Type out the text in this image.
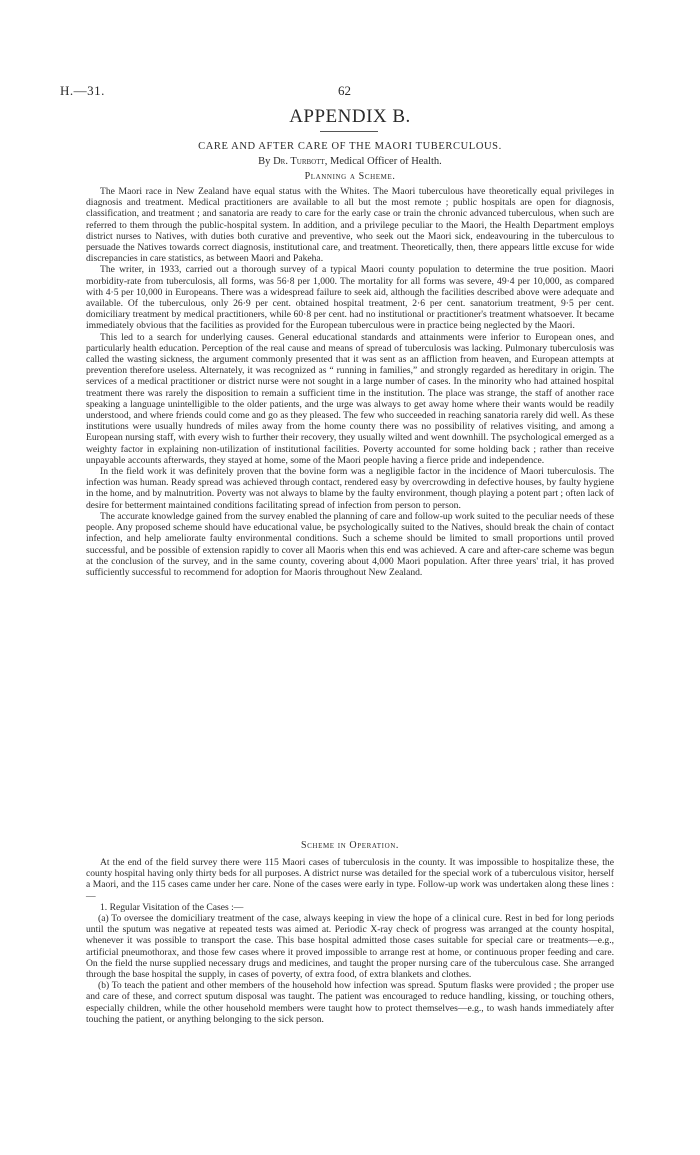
H.—31.	62
APPENDIX B.
CARE AND AFTER CARE OF THE MAORI TUBERCULOUS.
By Dr. Turbott, Medical Officer of Health.
Planning a Scheme.

The Maori race in New Zealand have equal status with the Whites. The Maori tuberculous have theoretically equal privileges in diagnosis and treatment. Medical practitioners are available to all but the most remote ; public hospitals are open for diagnosis, classification, and treatment ; and sanatoria are ready to care for the early case or train the chronic advanced tuberculous, when such are referred to them through the public-hospital system. In addition, and a privilege peculiar to the Maori, the Health Department employs district nurses to Natives, with duties both curative and preventive, who seek out the Maori sick, endeavouring in the tuberculous to persuade the Natives towards correct diagnosis, institutional care, and treatment. Theoretically, then, there appears little excuse for wide discrepancies in care statistics, as between Maori and Pakeha.

The writer, in 1933, carried out a thorough survey of a typical Maori county population to determine the true position. Maori morbidity-rate from tuberculosis, all forms, was 56·8 per 1,000. The mortality for all forms was severe, 49·4 per 10,000, as compared with 4·5 per 10,000 in Europeans. There was a widespread failure to seek aid, although the facilities described above were adequate and available. Of the tuberculous, only 26·9 per cent. obtained hospital treatment, 2·6 per cent. sanatorium treatment, 9·5 per cent. domiciliary treatment by medical practitioners, while 60·8 per cent. had no institutional or practitioner's treatment whatsoever. It became immediately obvious that the facilities as provided for the European tuberculous were in practice being neglected by the Maori.

This led to a search for underlying causes. General educational standards and attainments were inferior to European ones, and particularly health education. Perception of the real cause and means of spread of tuberculosis was lacking. Pulmonary tuberculosis was called the wasting sickness, the argument commonly presented that it was sent as an affliction from heaven, and European attempts at prevention therefore useless. Alternately, it was recognized as “ running in families,” and strongly regarded as hereditary in origin. The services of a medical practitioner or district nurse were not sought in a large number of cases. In the minority who had attained hospital treatment there was rarely the disposition to remain a sufficient time in the institution. The place was strange, the staff of another race speaking a language unintelligible to the older patients, and the urge was always to get away home where their wants would be readily understood, and where friends could come and go as they pleased. The few who succeeded in reaching sanatoria rarely did well. As these institutions were usually hundreds of miles away from the home county there was no possibility of relatives visiting, and among a European nursing staff, with every wish to further their recovery, they usually wilted and went downhill. The psychological emerged as a weighty factor in explaining non-utilization of institutional facilities. Poverty accounted for some holding back ; rather than receive unpayable accounts afterwards, they stayed at home, some of the Maori people having a fierce pride and independence.

In the field work it was definitely proven that the bovine form was a negligible factor in the incidence of Maori tuberculosis. The infection was human. Ready spread was achieved through contact, rendered easy by overcrowding in defective houses, by faulty hygiene in the home, and by malnutrition. Poverty was not always to blame by the faulty environment, though playing a potent part ; often lack of desire for betterment maintained conditions facilitating spread of infection from person to person.

The accurate knowledge gained from the survey enabled the planning of care and follow-up work suited to the peculiar needs of these people. Any proposed scheme should have educational value, be psychologically suited to the Natives, should break the chain of contact infection, and help ameliorate faulty environmental conditions. Such a scheme should be limited to small proportions until proved successful, and be possible of extension rapidly to cover all Maoris when this end was achieved. A care and after-care scheme was begun at the conclusion of the survey, and in the same county, covering about 4,000 Maori population. After three years' trial, it has proved sufficiently successful to recommend for adoption for Maoris throughout New Zealand.

Scheme in Operation.

At the end of the field survey there were 115 Maori cases of tuberculosis in the county. It was impossible to hospitalize these, the county hospital having only thirty beds for all purposes. A district nurse was detailed for the special work of a tuberculous visitor, herself a Maori, and the 115 cases came under her care. None of the cases were early in type. Follow-up work was undertaken along these lines :—

1. Regular Visitation of the Cases :—

(a) To oversee the domiciliary treatment of the case, always keeping in view the hope of a clinical cure. Rest in bed for long periods until the sputum was negative at repeated tests was aimed at. Periodic X-ray check of progress was arranged at the county hospital, whenever it was possible to transport the case. This base hospital admitted those cases suitable for special care or treatments—e.g., artificial pneumothorax, and those few cases where it proved impossible to arrange rest at home, or continuous proper feeding and care. On the field the nurse supplied necessary drugs and medicines, and taught the proper nursing care of the tuberculous case. She arranged through the base hospital the supply, in cases of poverty, of extra food, of extra blankets and clothes.

(b) To teach the patient and other members of the household how infection was spread. Sputum flasks were provided ; the proper use and care of these, and correct sputum disposal was taught. The patient was encouraged to reduce handling, kissing, or touching others, especially children, while the other household members were taught how to protect themselves—e.g., to wash hands immediately after touching the patient, or anything belonging to the sick person.
